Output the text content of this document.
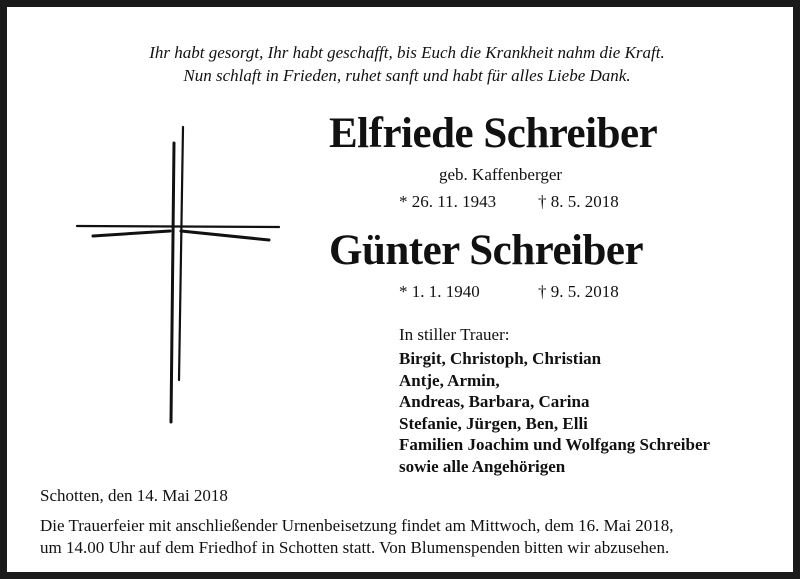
Ihr habt gesorgt, Ihr habt geschafft, bis Euch die Krankheit nahm die Kraft.
Nun schlaft in Frieden, ruhet sanft und habt für alles Liebe Dank.
Elfriede Schreiber
geb. Kaffenberger
* 26. 11. 1943 † 8. 5. 2018
Günter Schreiber
* 1. 1. 1940	† 9. 5. 2018
In stiller Trauer:
Birgit, Christoph, Christian
Antje, Armin,
Andreas, Barbara, Carina
Stefanie, Jürgen, Ben, Elli
Familien Joachim und Wolfgang Schreiber
sowie alle Angehörigen
Schotten, den 14. Mai 2018
Die Trauerfeier mit anschließender Urnenbeisetzung findet am Mittwoch, dem 16. Mai 2018,
um 14.00 Uhr auf dem Friedhof in Schotten statt. Von Blumenspenden bitten wir abzusehen.
